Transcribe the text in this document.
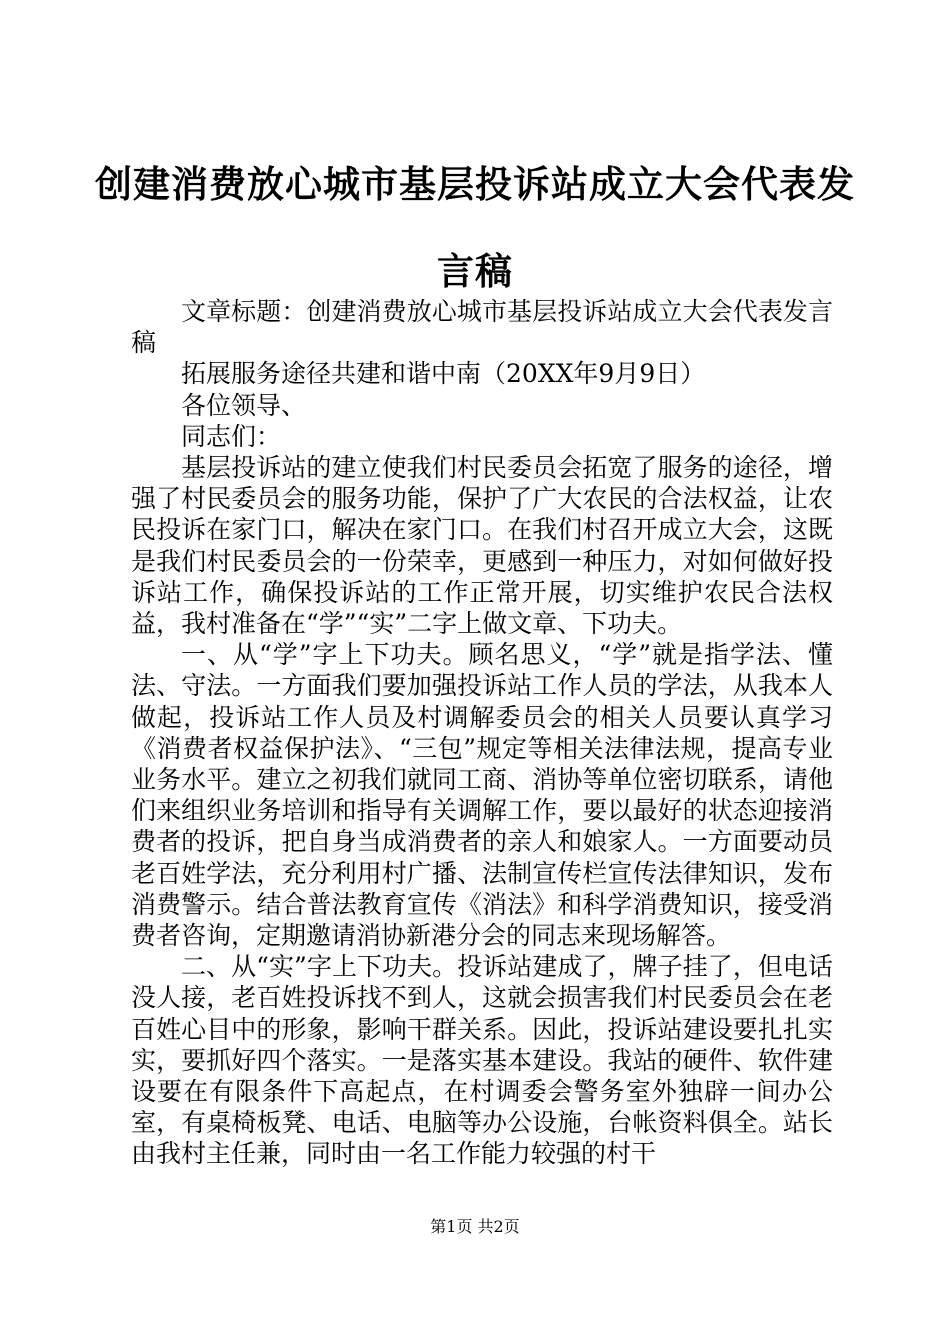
创建消费放心城市基层投诉站成立大会代表发
言稿

文章标题：创建消费放心城市基层投诉站成立大会代表发言稿

拓展服务途径共建和谐中南（20XX年9月9日）

各位领导、

同志们：

基层投诉站的建立使我们村民委员会拓宽了服务的途径，增强了村民委员会的服务功能，保护了广大农民的合法权益，让农民投诉在家门口，解决在家门口。在我们村召开成立大会，这既是我们村民委员会的一份荣幸，更感到一种压力，对如何做好投诉站工作，确保投诉站的工作正常开展，切实维护农民合法权益，我村准备在“学”“实”二字上做文章、下功夫。

一、从“学”字上下功夫。顾名思义，“学”就是指学法、懂法、守法。一方面我们要加强投诉站工作人员的学法，从我本人做起，投诉站工作人员及村调解委员会的相关人员要认真学习《消费者权益保护法》、“三包”规定等相关法律法规，提高专业业务水平。建立之初我们就同工商、消协等单位密切联系，请他们来组织业务培训和指导有关调解工作，要以最好的状态迎接消费者的投诉，把自身当成消费者的亲人和娘家人。一方面要动员老百姓学法，充分利用村广播、法制宣传栏宣传法律知识，发布消费警示。结合普法教育宣传《消法》和科学消费知识，接受消费者咨询，定期邀请消协新港分会的同志来现场解答。

二、从“实”字上下功夫。投诉站建成了，牌子挂了，但电话没人接，老百姓投诉找不到人，这就会损害我们村民委员会在老百姓心目中的形象，影响干群关系。因此，投诉站建设要扎扎实实，要抓好四个落实。一是落实基本建设。我站的硬件、软件建设要在有限条件下高起点，在村调委会警务室外独辟一间办公室，有桌椅板凳、电话、电脑等办公设施，台帐资料俱全。站长由我村主任兼，同时由一名工作能力较强的村干

第1页 共2页
